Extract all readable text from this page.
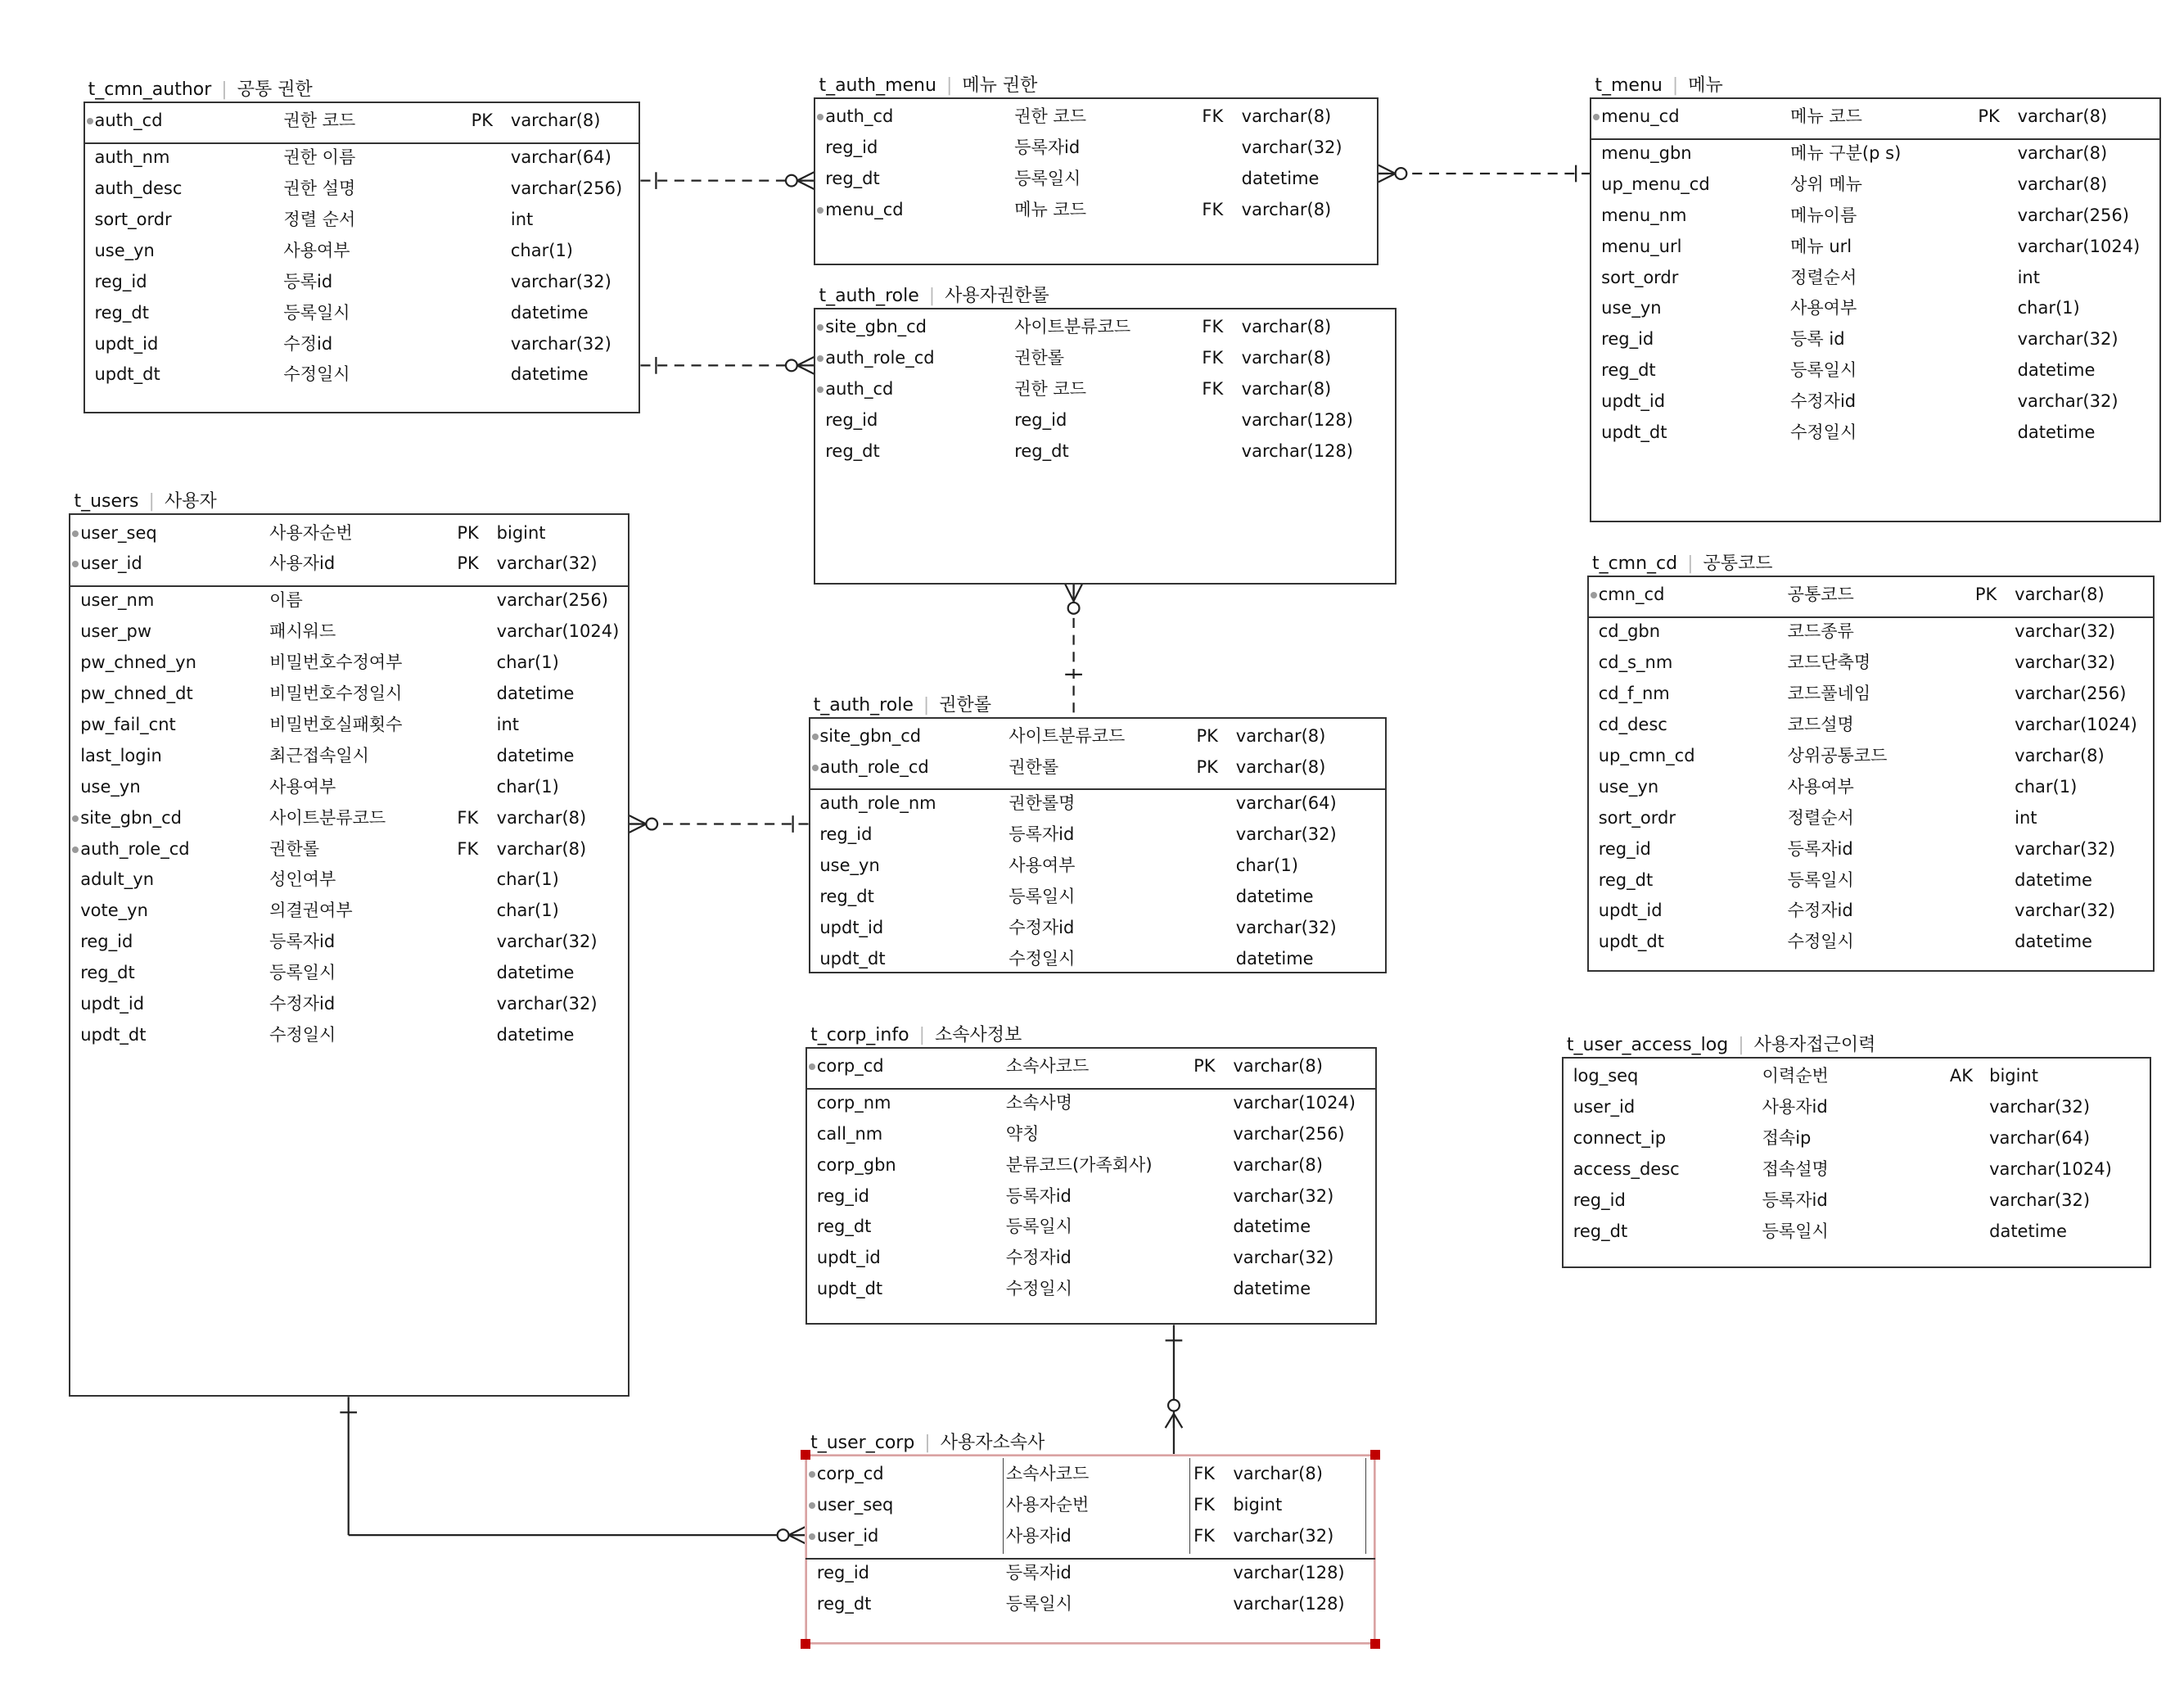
t_cmn_author | 공통 권한
auth_cd	권한 코드	PK varchar(8)
auth_nm	권한 이름	varchar(64)
auth_desc	권한 설명	varchar(256)
sort_ordr	정렬 순서	int
use_yn	사용여부	char(1)
reg_id	등록id	varchar(32)
reg_dt	등록일시	datetime
updt_id	수정id	varchar(32)
updt_dt	수정일시	datetime
t_auth_menu | 메뉴 권한
auth_cd	권한 코드	FK varchar(8)
reg_id	등록자id	varchar(32)
reg_dt	등록일시	datetime
menu_cd	메뉴 코드	FK varchar(8)
t_menu | 메뉴
menu_cd	메뉴 코드	PK varchar(8)
menu_gbn	메뉴 구분(p s)	varchar(8)
up_menu_cd	상위 메뉴	varchar(8)
menu_nm	메뉴이름	varchar(256)
menu_url	메뉴 url	varchar(1024)
sort_ordr	정렬순서	int
use_yn	사용여부	char(1)
reg_id	등록 id	varchar(32)
reg_dt	등록일시	datetime
updt_id	수정자id	varchar(32)
updt_dt	수정일시	datetime
t_auth_role | 사용자권한롤
site_gbn_cd	사이트분류코드	FK varchar(8)
auth_role_cd	권한롤	FK varchar(8)
auth_cd	권한 코드	FK varchar(8)
reg_id	reg_id	varchar(128)
reg_dt	reg_dt	varchar(128)
t_users | 사용자
user_seq	사용자순번	PK bigint
user_id	사용자id	PK varchar(32)
user_nm	이름	varchar(256)
user_pw	패시워드	varchar(1024)
pw_chned_yn	비밀번호수정여부	char(1)
pw_chned_dt	비밀번호수정일시	datetime
pw_fail_cnt	비밀번호실패횟수	int
last_login	최근접속일시	datetime
use_yn	사용여부	char(1)
site_gbn_cd	사이트분류코드	FK varchar(8)
auth_role_cd	권한롤	FK varchar(8)
adult_yn	성인여부	char(1)
vote_yn	의결권여부	char(1)
reg_id	등록자id	varchar(32)
reg_dt	등록일시	datetime
updt_id	수정자id	varchar(32)
updt_dt	수정일시	datetime
t_auth_role | 권한롤
site_gbn_cd	사이트분류코드	PK varchar(8)
auth_role_cd	권한롤	PK varchar(8)
auth_role_nm	권한롤명	varchar(64)
reg_id	등록자id	varchar(32)
use_yn	사용여부	char(1)
reg_dt	등록일시	datetime
updt_id	수정자id	varchar(32)
updt_dt	수정일시	datetime
t_cmn_cd | 공통코드
cmn_cd	공통코드	PK varchar(8)
cd_gbn	코드종류	varchar(32)
cd_s_nm	코드단축명	varchar(32)
cd_f_nm	코드풀네임	varchar(256)
cd_desc	코드설명	varchar(1024)
up_cmn_cd	상위공통코드	varchar(8)
use_yn	사용여부	char(1)
sort_ordr	정렬순서	int
reg_id	등록자id	varchar(32)
reg_dt	등록일시	datetime
updt_id	수정자id	varchar(32)
updt_dt	수정일시	datetime
t_corp_info | 소속사정보
corp_cd	소속사코드	PK varchar(8)
corp_nm	소속사명	varchar(1024)
call_nm	약칭	varchar(256)
corp_gbn	분류코드(가족회사)	varchar(8)
reg_id	등록자id	varchar(32)
reg_dt	등록일시	datetime
updt_id	수정자id	varchar(32)
updt_dt	수정일시	datetime
t_user_access_log | 사용자접근이력
log_seq	이력순번	AK bigint
user_id	사용자id	varchar(32)
connect_ip	접속ip	varchar(64)
access_desc	접속설명	varchar(1024)
reg_id	등록자id	varchar(32)
reg_dt	등록일시	datetime
t_user_corp | 사용자소속사
corp_cd	소속사코드	FK varchar(8)
user_seq	사용자순번	FK bigint
user_id	사용자id	FK varchar(32)
reg_id	등록자id	varchar(128)
reg_dt	등록일시	varchar(128)
